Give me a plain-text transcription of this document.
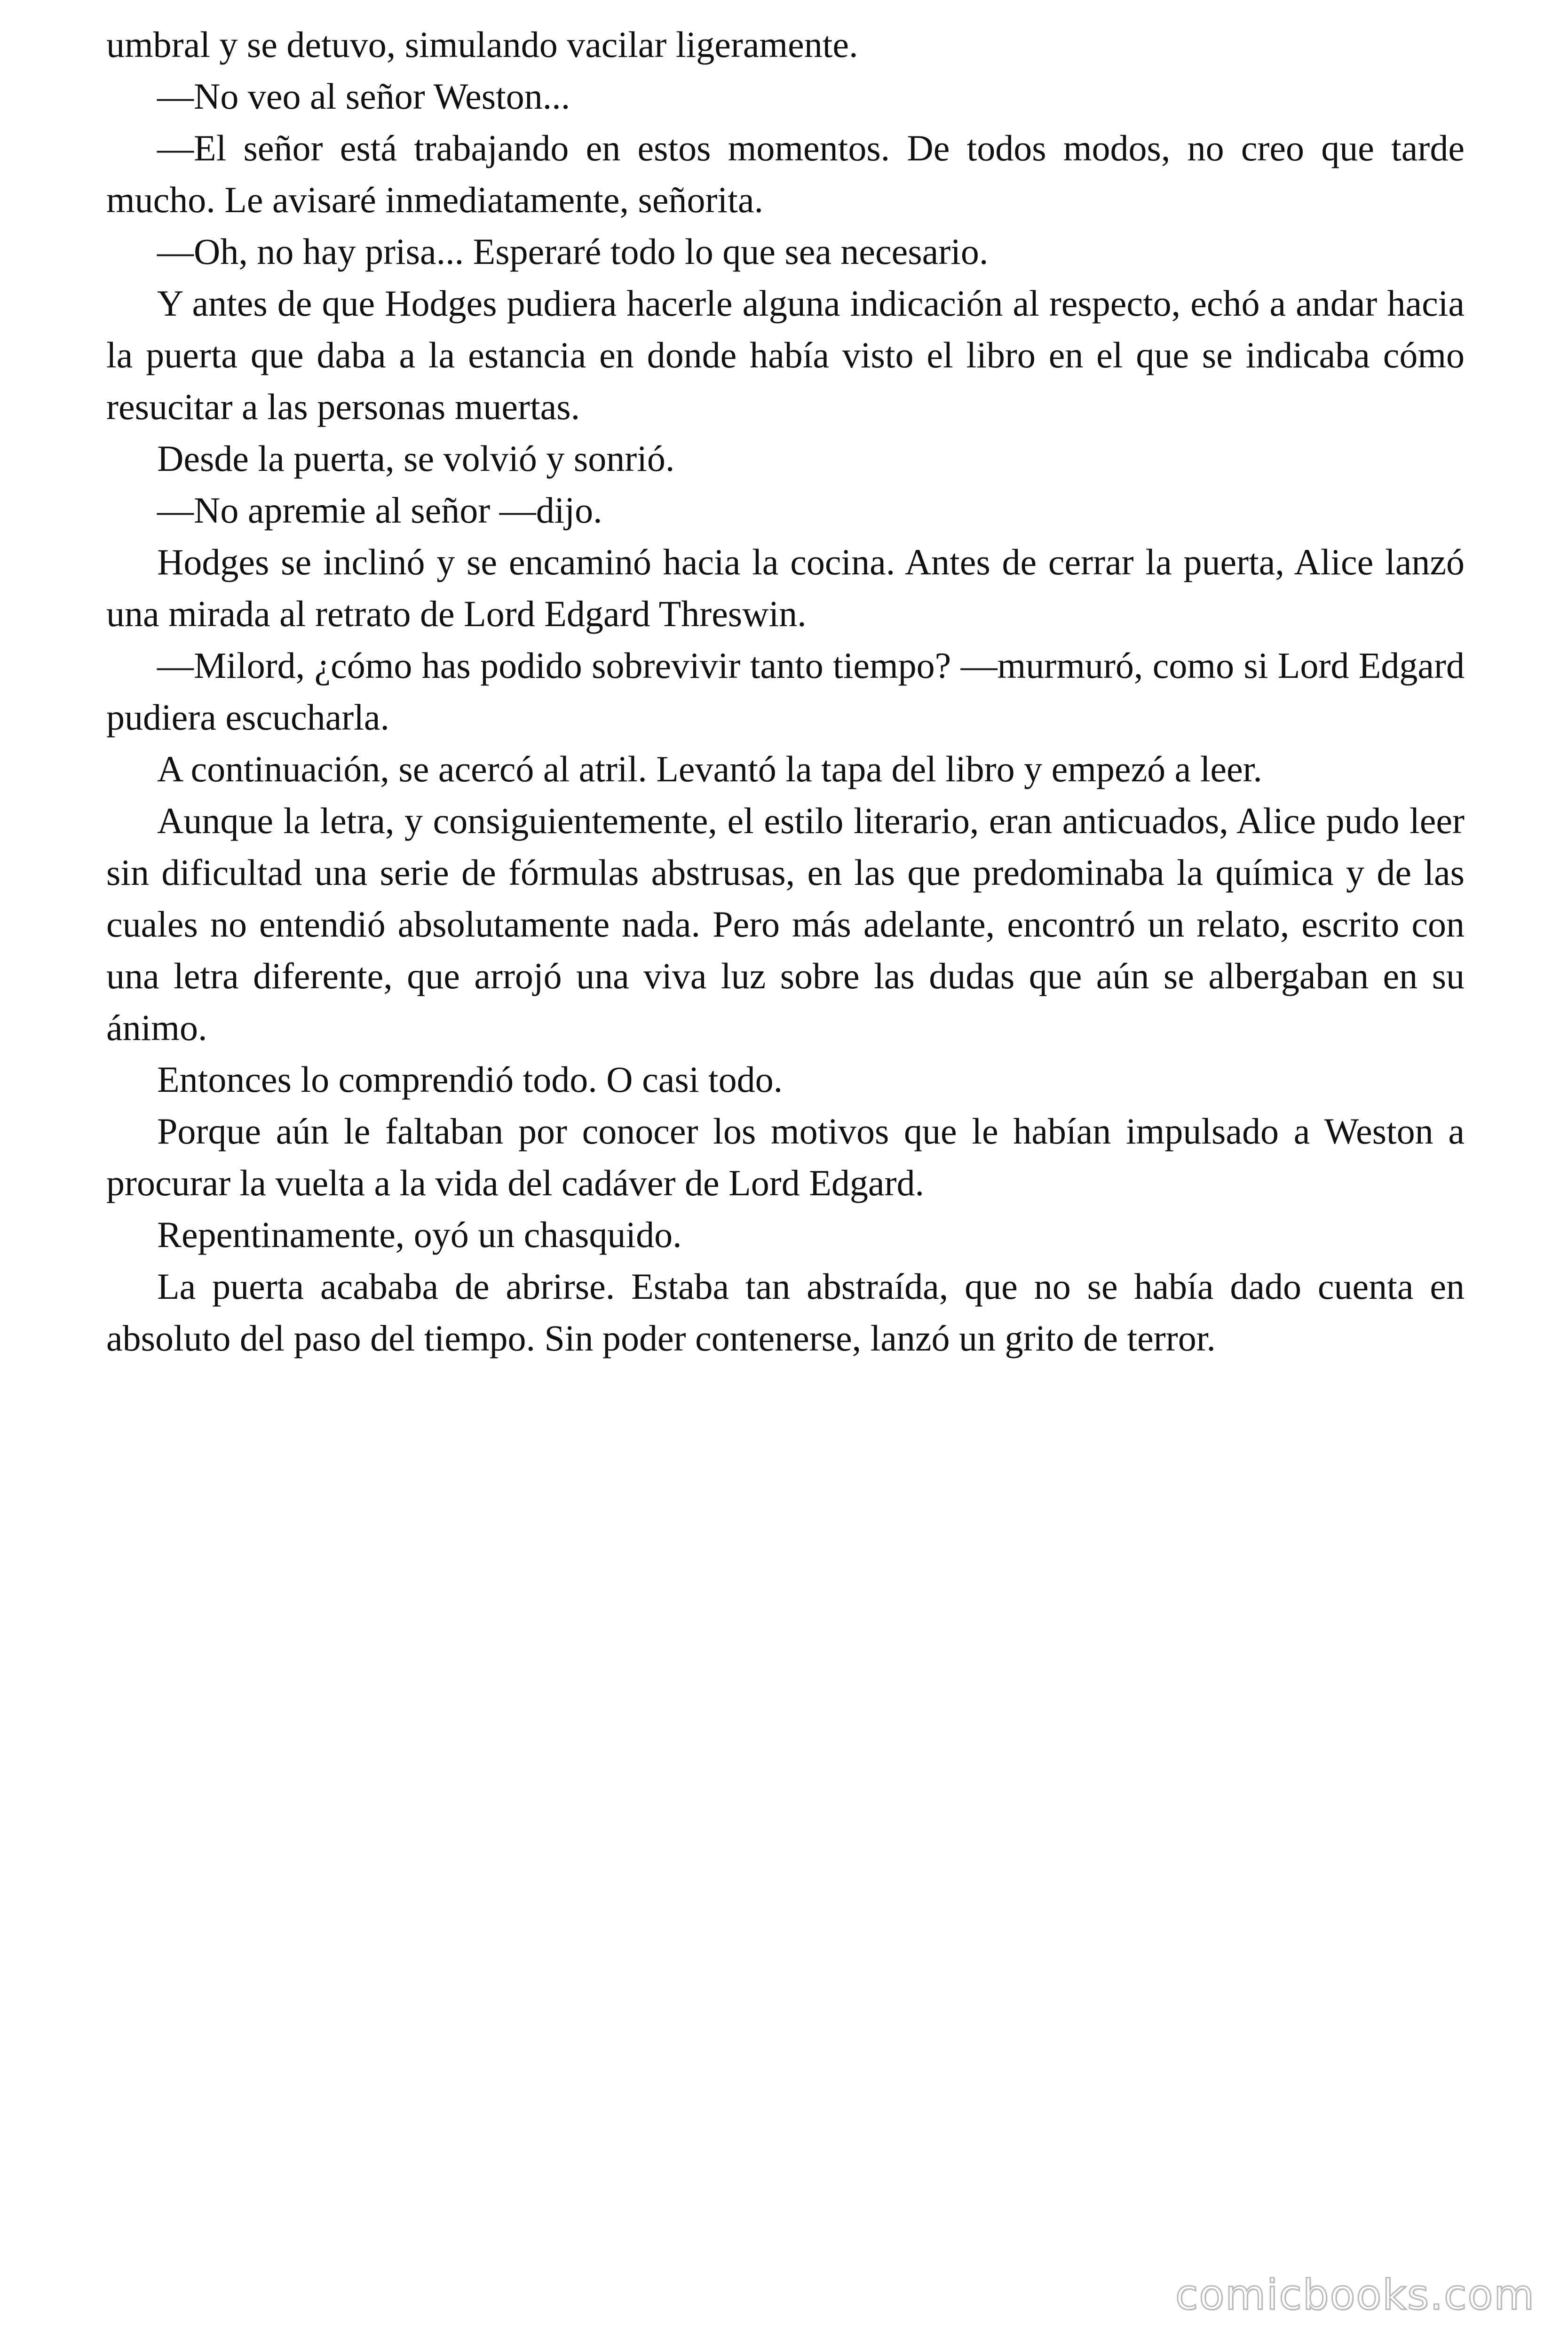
umbral y se detuvo, simulando vacilar ligeramente.

—No veo al señor Weston...

—El señor está trabajando en estos momentos. De todos modos, no creo que tarde mucho. Le avisaré inmediatamente, señorita.

—Oh, no hay prisa... Esperaré todo lo que sea necesario.

Y antes de que Hodges pudiera hacerle alguna indicación al respecto, echó a andar hacia la puerta que daba a la estancia en donde había visto el libro en el que se indicaba cómo resucitar a las personas muertas.

Desde la puerta, se volvió y sonrió.

—No apremie al señor —dijo.

Hodges se inclinó y se encaminó hacia la cocina. Antes de cerrar la puerta, Alice lanzó una mirada al retrato de Lord Edgard Threswin.

—Milord, ¿cómo has podido sobrevivir tanto tiempo? —murmuró, como si Lord Edgard pudiera escucharla.

A continuación, se acercó al atril. Levantó la tapa del libro y empezó a leer.

Aunque la letra, y consiguientemente, el estilo literario, eran anticuados, Alice pudo leer sin dificultad una serie de fórmulas abstrusas, en las que predominaba la química y de las cuales no entendió absolutamente nada. Pero más adelante, encontró un relato, escrito con una letra diferente, que arrojó una viva luz sobre las dudas que aún se albergaban en su ánimo.

Entonces lo comprendió todo. O casi todo.

Porque aún le faltaban por conocer los motivos que le habían impulsado a Weston a procurar la vuelta a la vida del cadáver de Lord Edgard.

Repentinamente, oyó un chasquido.

La puerta acababa de abrirse. Estaba tan abstraída, que no se había dado cuenta en absoluto del paso del tiempo. Sin poder contenerse, lanzó un grito de terror.

comicbooks.com
